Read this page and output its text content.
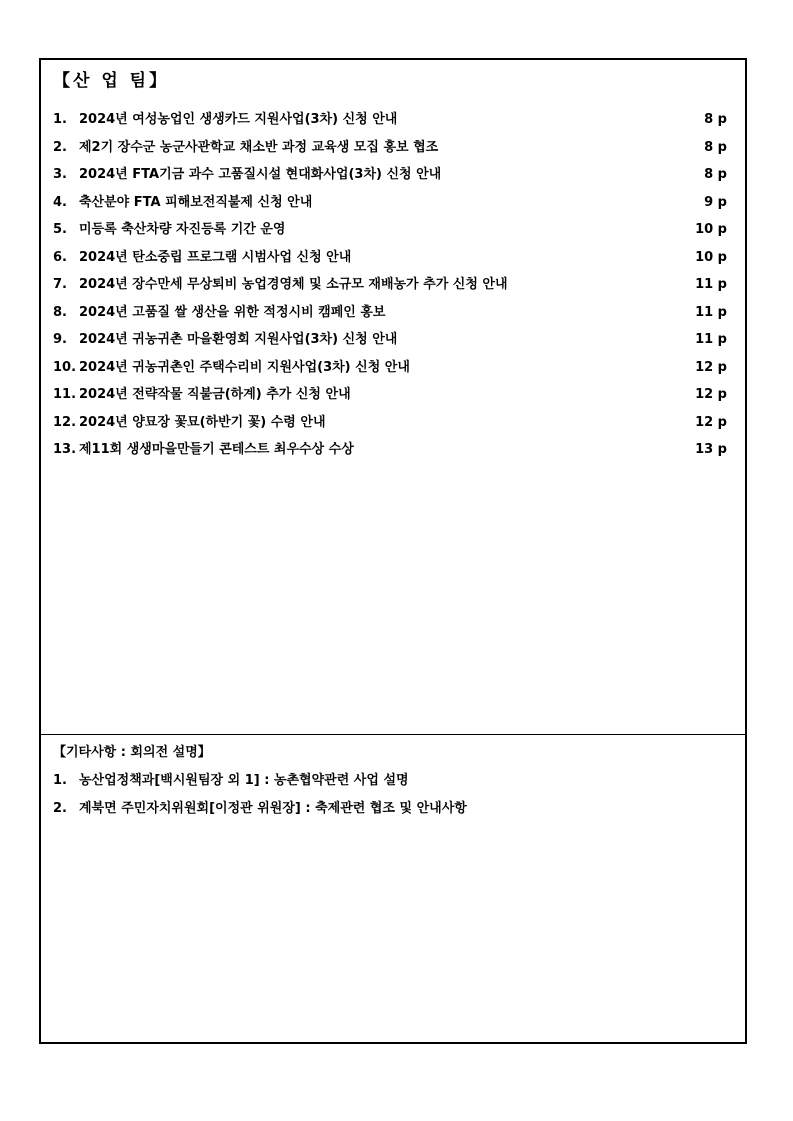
【산 업 팀】
1. 2024년 여성농업인 생생카드 지원사업(3차) 신청 안내	8 p
2. 제2기 장수군 농군사관학교 채소반 과정 교육생 모집 홍보 협조	8 p
3. 2024년 FTA기금 과수 고품질시설 현대화사업(3차) 신청 안내	8 p
4. 축산분야 FTA 피해보전직불제 신청 안내	9 p
5. 미등록 축산차량 자진등록 기간 운영	10 p
6. 2024년 탄소중립 프로그램 시범사업 신청 안내	10 p
7. 2024년 장수만세 무상퇴비 농업경영체 및 소규모 재배농가 추가 신청 안내	11 p
8. 2024년 고품질 쌀 생산을 위한 적정시비 캠페인 홍보	11 p
9. 2024년 귀농귀촌 마을환영회 지원사업(3차) 신청 안내	11 p
10. 2024년 귀농귀촌인 주택수리비 지원사업(3차) 신청 안내	12 p
11. 2024년 전략작물 직불금(하계) 추가 신청 안내	12 p
12. 2024년 양묘장 꽃묘(하반기 꽃) 수령 안내	12 p
13. 제11회 생생마을만들기 콘테스트 최우수상 수상	13 p
【기타사항 : 회의전 설명】
1. 농산업정책과[백시원팀장 외 1] : 농촌협약관련 사업 설명
2. 계북면 주민자치위원회[이정관 위원장] : 축제관련 협조 및 안내사항
